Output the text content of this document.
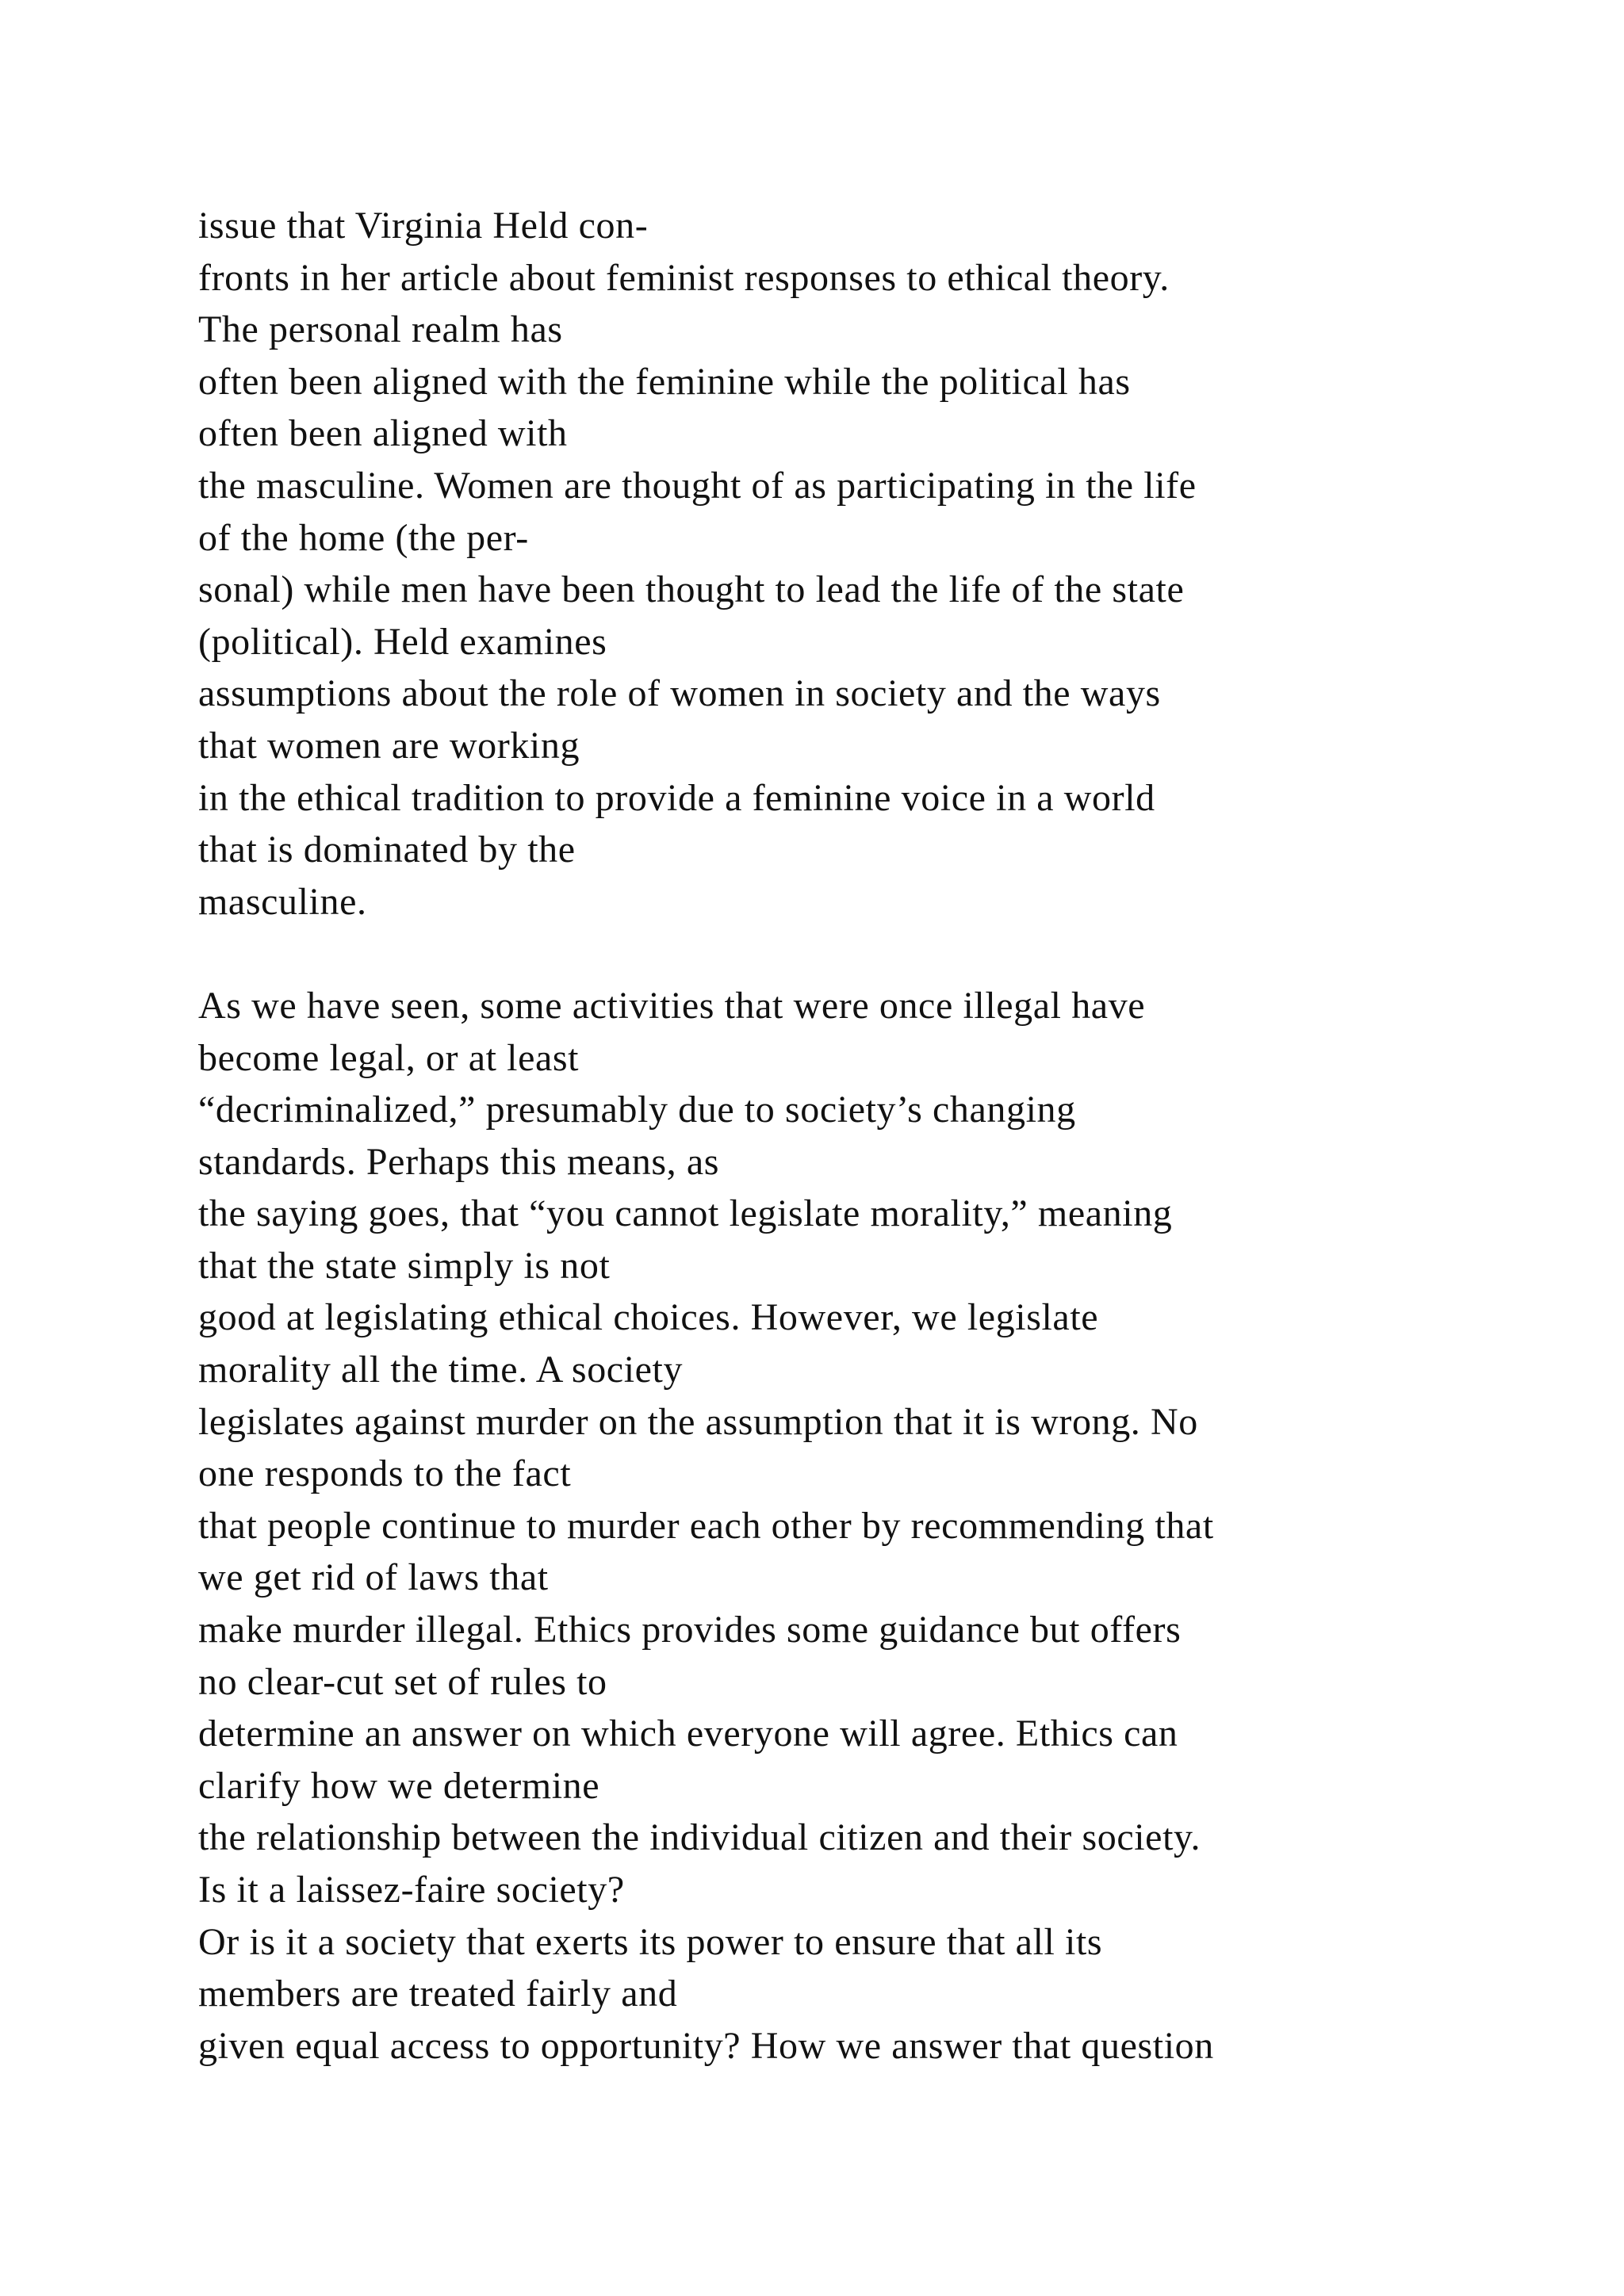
issue that Virginia Held con-
fronts in her article about feminist responses to ethical theory.
The personal realm has
often been aligned with the feminine while the political has
often been aligned with
the masculine. Women are thought of as participating in the life
of the home (the per-
sonal) while men have been thought to lead the life of the state
(political). Held examines
assumptions about the role of women in society and the ways
that women are working
in the ethical tradition to provide a feminine voice in a world
that is dominated by the
masculine.
As we have seen, some activities that were once illegal have
become legal, or at least
“decriminalized,” presumably due to society’s changing
standards. Perhaps this means, as
the saying goes, that “you cannot legislate morality,” meaning
that the state simply is not
good at legislating ethical choices. However, we legislate
morality all the time. A society
legislates against murder on the assumption that it is wrong. No
one responds to the fact
that people continue to murder each other by recommending that
we get rid of laws that
make murder illegal. Ethics provides some guidance but offers
no clear-cut set of rules to
determine an answer on which everyone will agree. Ethics can
clarify how we determine
the relationship between the individual citizen and their society.
Is it a laissez-faire society?
Or is it a society that exerts its power to ensure that all its
members are treated fairly and
given equal access to opportunity? How we answer that question
